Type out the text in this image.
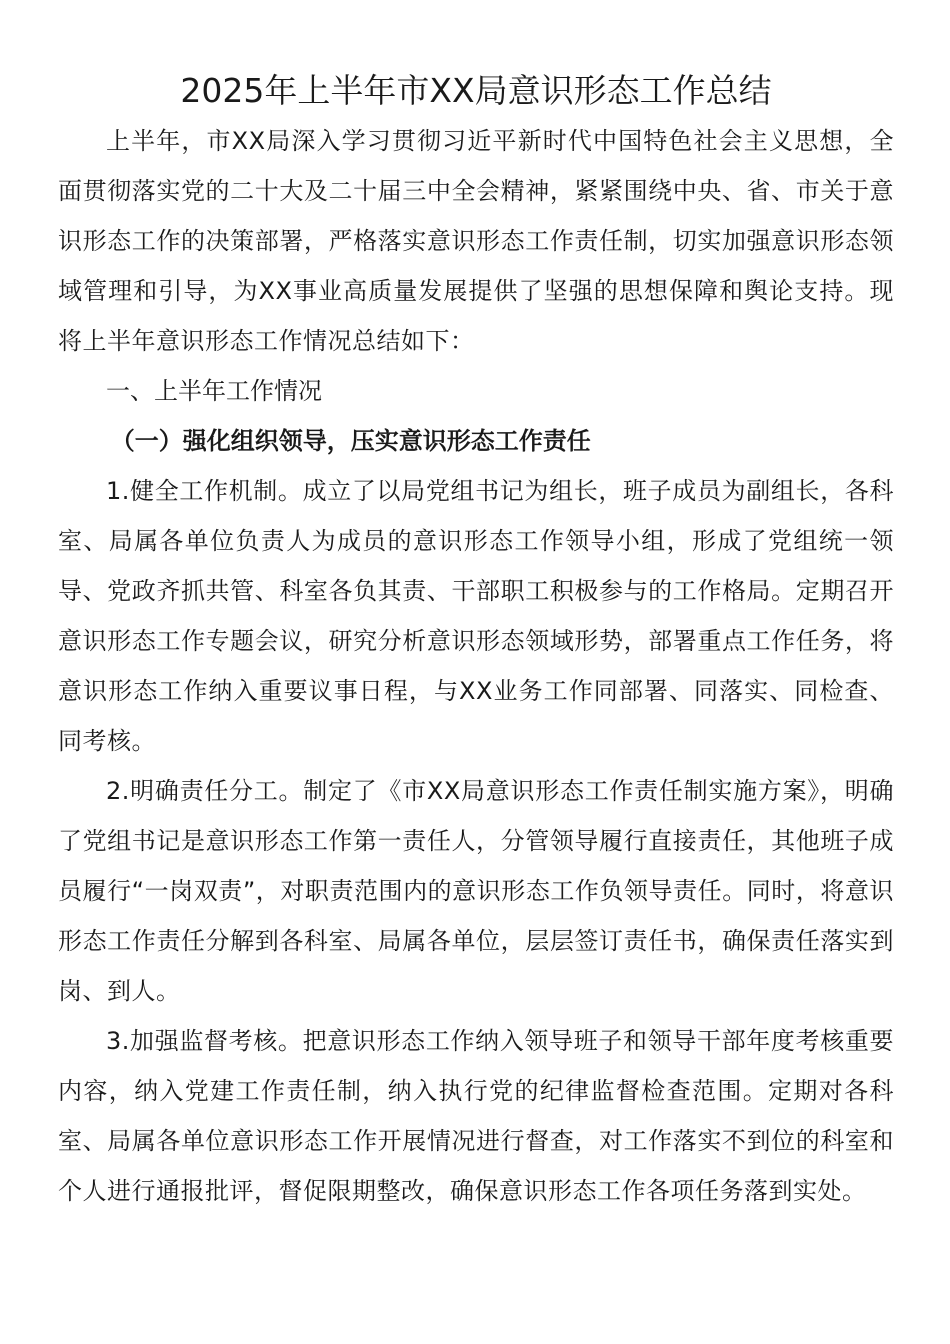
2025年上半年市XX局意识形态工作总结

上半年，市XX局深入学习贯彻习近平新时代中国特色社会主义思想，全面贯彻落实党的二十大及二十届三中全会精神，紧紧围绕中央、省、市关于意识形态工作的决策部署，严格落实意识形态工作责任制，切实加强意识形态领域管理和引导，为XX事业高质量发展提供了坚强的思想保障和舆论支持。现将上半年意识形态工作情况总结如下：

一、上半年工作情况

（一）强化组织领导，压实意识形态工作责任

1.健全工作机制。成立了以局党组书记为组长，班子成员为副组长，各科室、局属各单位负责人为成员的意识形态工作领导小组，形成了党组统一领导、党政齐抓共管、科室各负其责、干部职工积极参与的工作格局。定期召开意识形态工作专题会议，研究分析意识形态领域形势，部署重点工作任务，将意识形态工作纳入重要议事日程，与XX业务工作同部署、同落实、同检查、同考核。

2.明确责任分工。制定了《市XX局意识形态工作责任制实施方案》，明确了党组书记是意识形态工作第一责任人，分管领导履行直接责任，其他班子成员履行“一岗双责”，对职责范围内的意识形态工作负领导责任。同时，将意识形态工作责任分解到各科室、局属各单位，层层签订责任书，确保责任落实到岗、到人。

3.加强监督考核。把意识形态工作纳入领导班子和领导干部年度考核重要内容，纳入党建工作责任制，纳入执行党的纪律监督检查范围。定期对各科室、局属各单位意识形态工作开展情况进行督查，对工作落实不到位的科室和个人进行通报批评，督促限期整改，确保意识形态工作各项任务落到实处。
